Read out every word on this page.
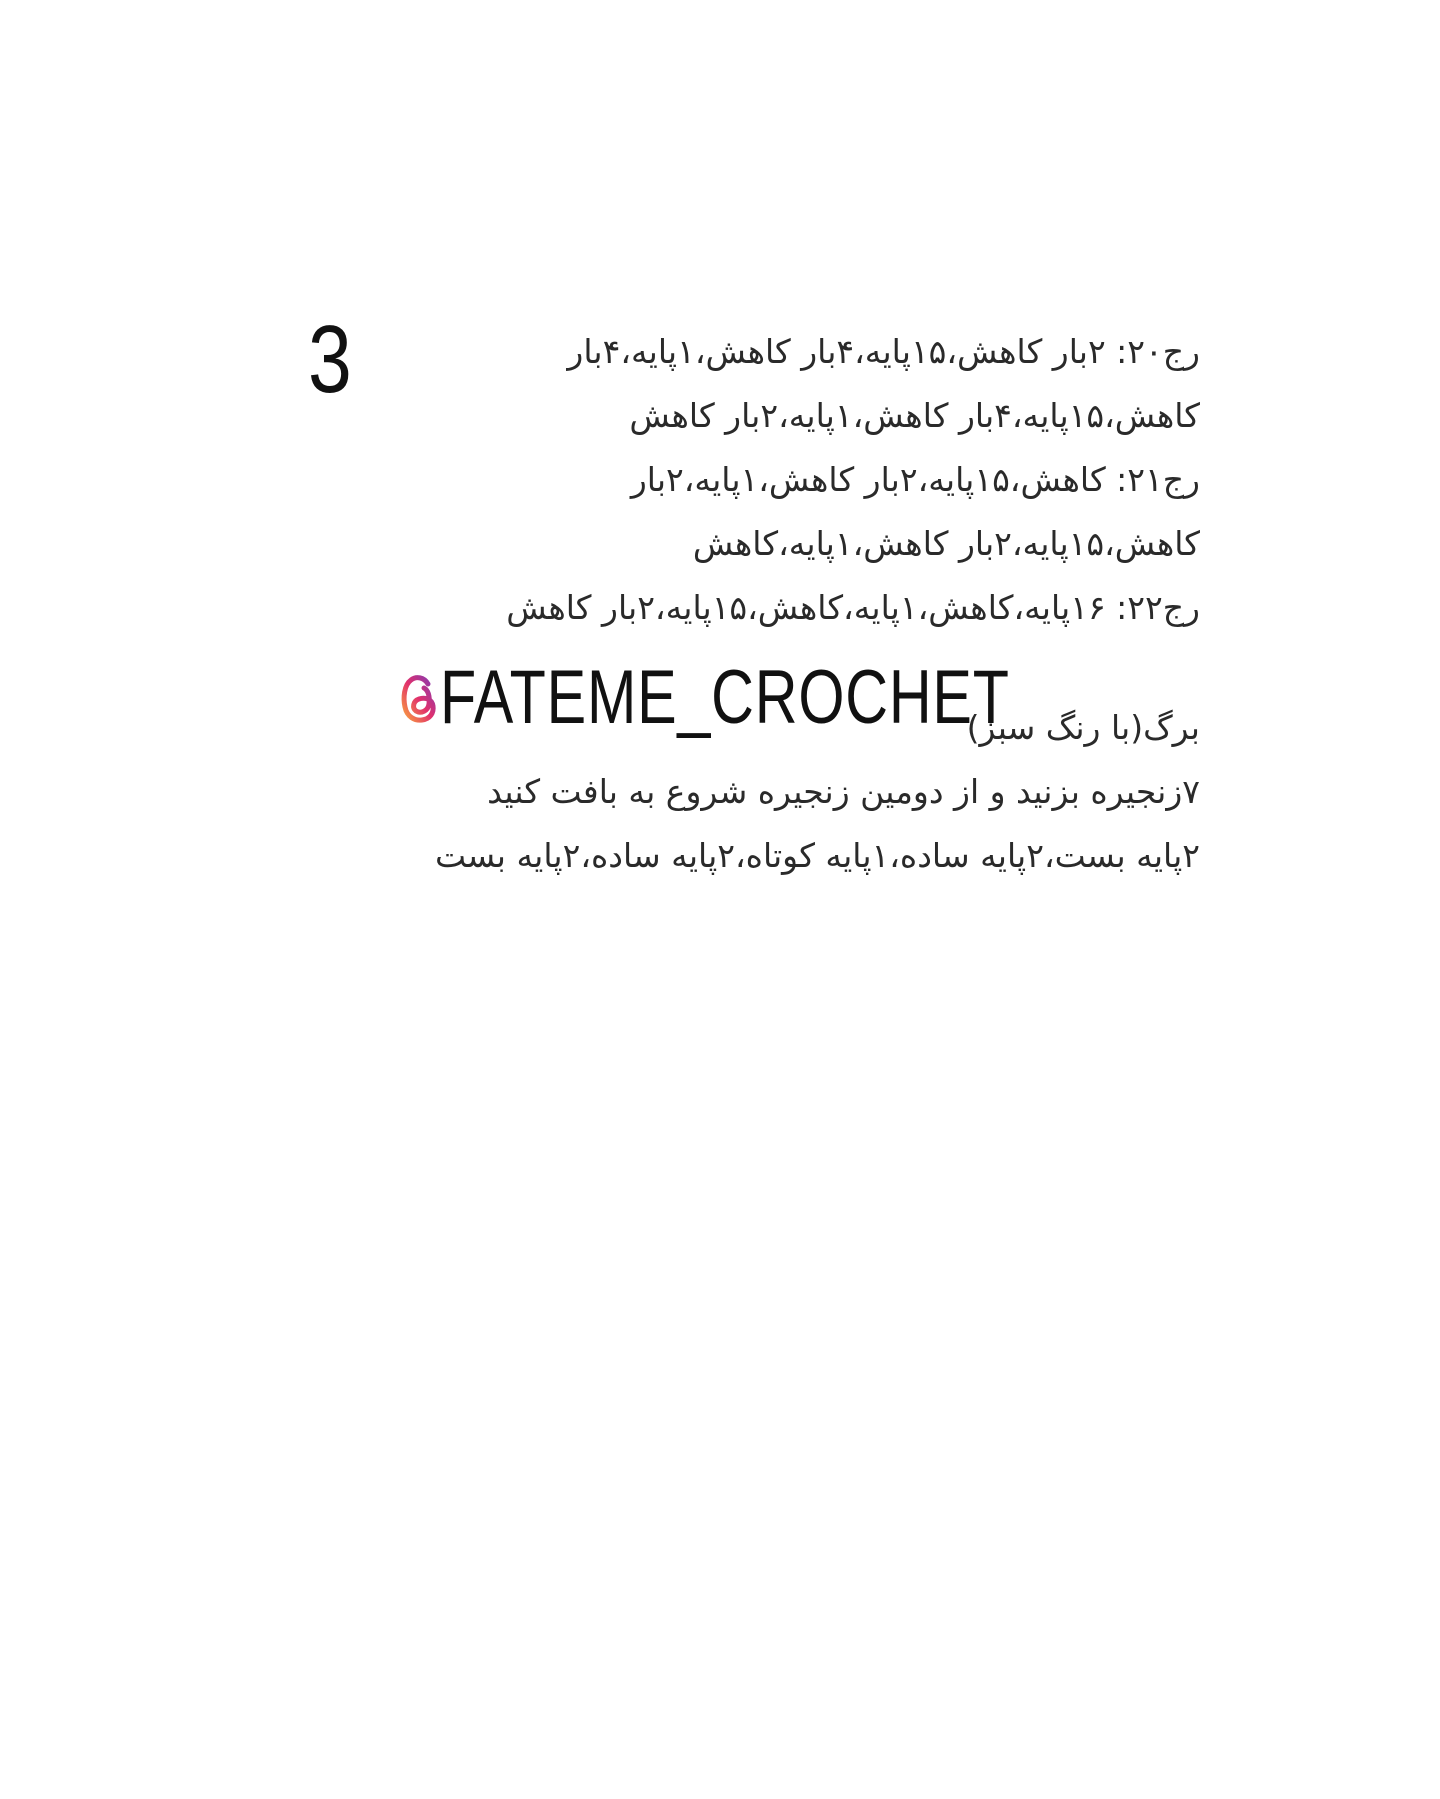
3	رج۲۰: ۲بار کاهش،۱۵پایه،۴بار کاهش،۱پایه،۴بار
کاهش،۱۵پایه،۴بار کاهش،۱پایه،۲بار کاهش
رج۲۱: کاهش،۱۵پایه،۲بار کاهش،۱پایه،۲بار
کاهش،۱۵پایه،۲بار کاهش،۱پایه،کاهش
رج۲۲: ۱۶پایه،کاهش،۱پایه،کاهش،۱۵پایه،۲بار کاهش
FATEME_CROCHET
برگ(با رنگ سبز)
۷زنجیره بزنید و از دومین زنجیره شروع به بافت کنید
۲پایه بست،۲پایه ساده،۱پایه کوتاه،۲پایه ساده،۲پایه بست
